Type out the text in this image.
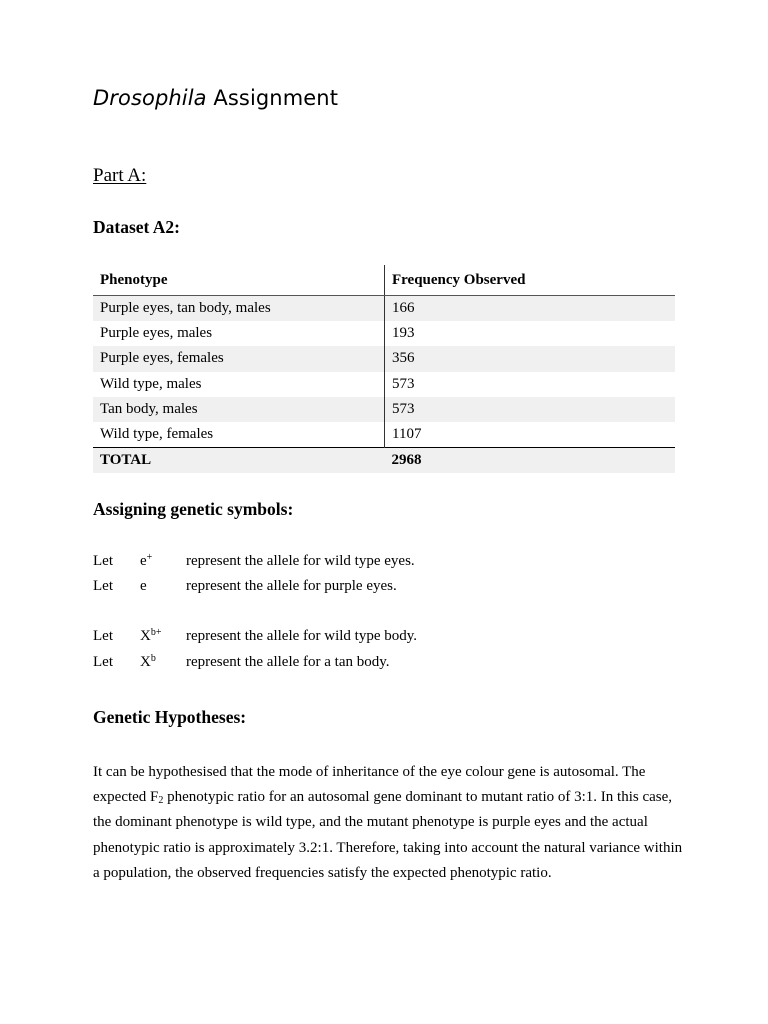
Drosophila Assignment
Part A:
Dataset A2:
Phenotype	Frequency Observed
Purple eyes, tan body, males	166
Purple eyes, males	193
Purple eyes, females	356
Wild type, males	573
Tan body, males	573
Wild type, females	1107
TOTAL	2968
Assigning genetic symbols:
Let e+ represent the allele for wild type eyes.
Let e	represent the allele for purple eyes.
Let $X^{b+}$ represent the allele for wild type body.
Let $X^b$ represent the allele for a tan body.
Genetic Hypotheses:

It can be hypothesised that the mode of inheritance of the eye colour gene is autosomal. The expected $F_2$ phenotypic ratio for an autosomal gene dominant to mutant ratio of 3:1. In this case, the dominant phenotype is wild type, and the mutant phenotype is purple eyes and the actual phenotypic ratio is approximately 3.2:1. Therefore, taking into account the natural variance within a population, the observed frequencies satisfy the expected phenotypic ratio.
